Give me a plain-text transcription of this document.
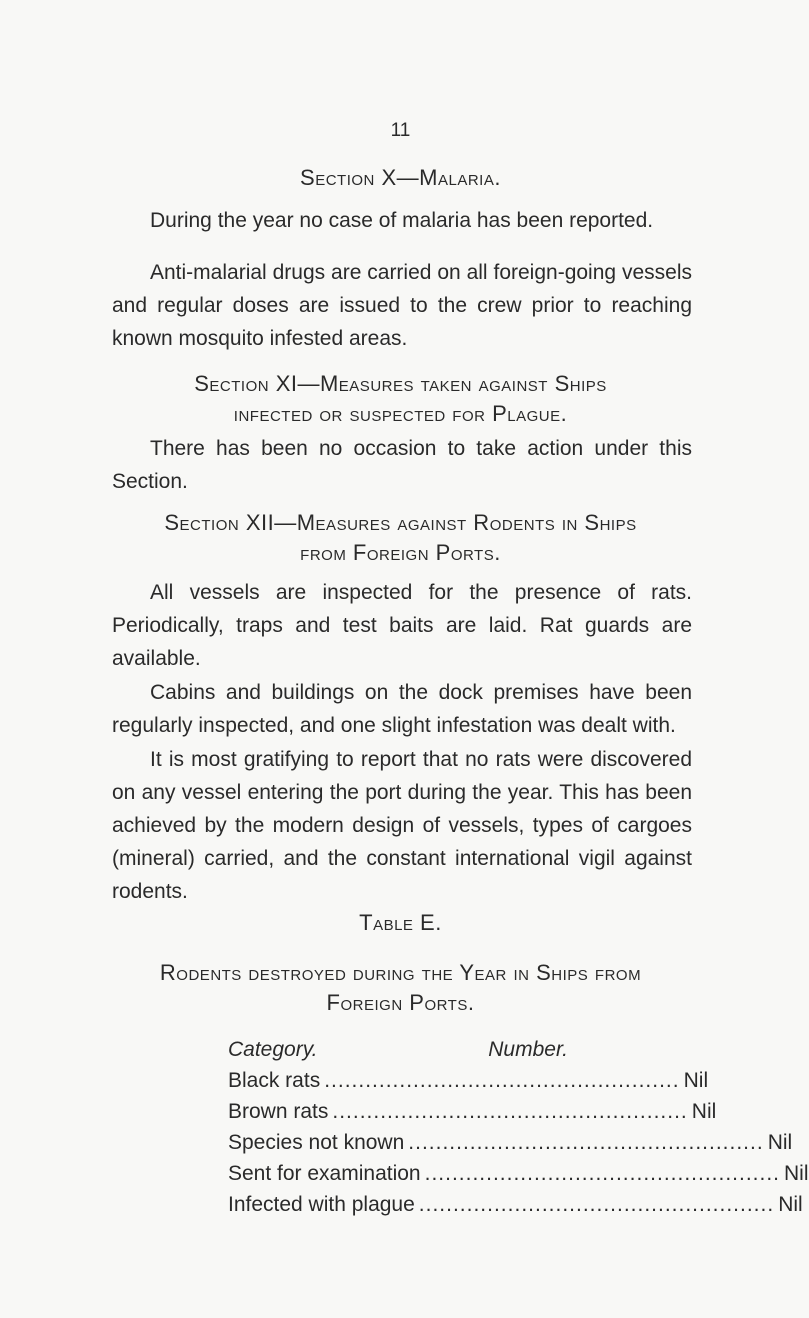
11
Section X—Malaria.
During the year no case of malaria has been reported.
Anti-malarial drugs are carried on all foreign-going vessels and regular doses are issued to the crew prior to reaching known mosquito infested areas.
Section XI—Measures taken against Ships
infected or suspected for Plague.
There has been no occasion to take action under this Section.
Section XII—Measures against Rodents in Ships
from Foreign Ports.
All vessels are inspected for the presence of rats. Periodically, traps and test baits are laid. Rat guards are available.
Cabins and buildings on the dock premises have been regularly inspected, and one slight infestation was dealt with.
It is most gratifying to report that no rats were discovered on any vessel entering the port during the year. This has been achieved by the modern design of vessels, types of cargoes (mineral) carried, and the constant international vigil against rodents.
Table E.
Rodents destroyed during the Year in Ships from
Foreign Ports.
Category.	Number.
Black rats .................................................... Nil
Brown rats .................................................... Nil
Species not known .................................................... Nil
Sent for examination .................................................... Nil
Infected with plague .................................................... Nil
